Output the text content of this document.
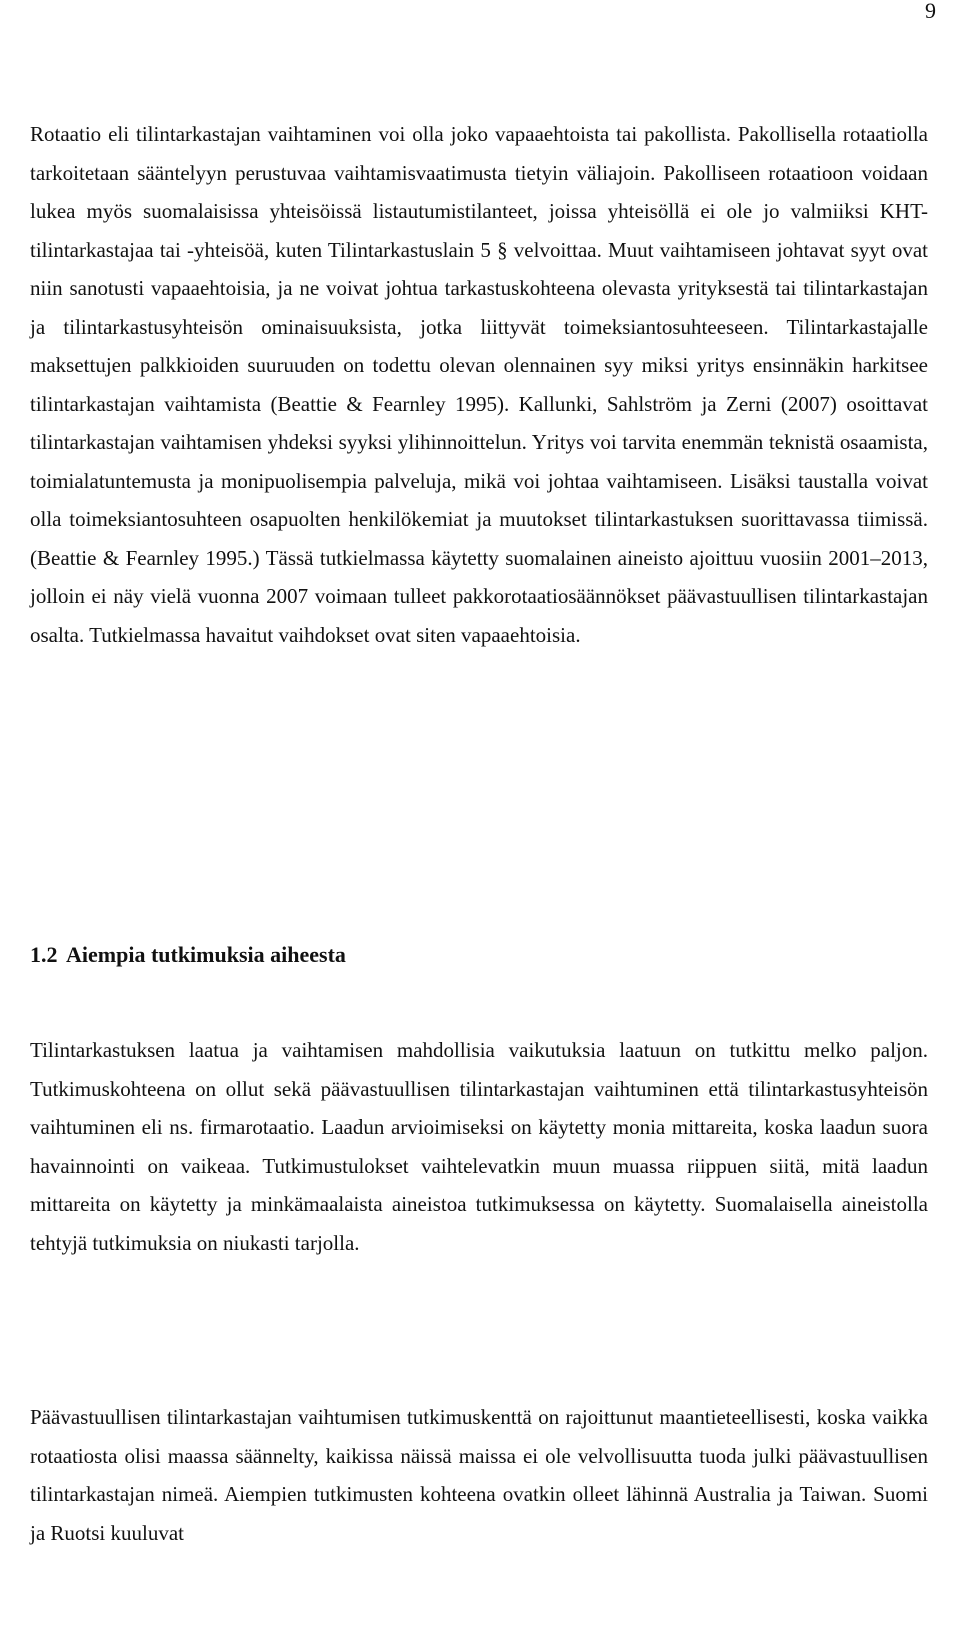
9

Rotaatio eli tilintarkastajan vaihtaminen voi olla joko vapaaehtoista tai pakollista. Pakollisella rotaatiolla tarkoitetaan sääntelyyn perustuvaa vaihtamisvaatimusta tietyin väliajoin. Pakolliseen rotaatioon voidaan lukea myös suomalaisissa yhteisöissä listautumistilanteet, joissa yhteisöllä ei ole jo valmiiksi KHT-tilintarkastajaa tai -yhteisöä, kuten Tilintarkastuslain 5 § velvoittaa. Muut vaihtamiseen johtavat syyt ovat niin sanotusti vapaaehtoisia, ja ne voivat johtua tarkastuskohteena olevasta yrityksestä tai tilintarkastajan ja tilintarkastusyhteisön ominaisuuksista, jotka liittyvät toimeksiantosuhteeseen. Tilintarkastajalle maksettujen palkkioiden suuruuden on todettu olevan olennainen syy miksi yritys ensinnäkin harkitsee tilintarkastajan vaihtamista (Beattie & Fearnley 1995). Kallunki, Sahlström ja Zerni (2007) osoittavat tilintarkastajan vaihtamisen yhdeksi syyksi ylihinnoittelun. Yritys voi tarvita enemmän teknistä osaamista, toimialatuntemusta ja monipuolisempia palveluja, mikä voi johtaa vaihtamiseen. Lisäksi taustalla voivat olla toimeksiantosuhteen osapuolten henkilökemiat ja muutokset tilintarkastuksen suorittavassa tiimissä. (Beattie & Fearnley 1995.) Tässä tutkielmassa käytetty suomalainen aineisto ajoittuu vuosiin 2001–2013, jolloin ei näy vielä vuonna 2007 voimaan tulleet pakkorotaatiosäännökset päävastuullisen tilintarkastajan osalta. Tutkielmassa havaitut vaihdokset ovat siten vapaaehtoisia.

1.2 Aiempia tutkimuksia aiheesta

Tilintarkastuksen laatua ja vaihtamisen mahdollisia vaikutuksia laatuun on tutkittu melko paljon. Tutkimuskohteena on ollut sekä päävastuullisen tilintarkastajan vaihtuminen että tilintarkastusyhteisön vaihtuminen eli ns. firmarotaatio. Laadun arvioimiseksi on käytetty monia mittareita, koska laadun suora havainnointi on vaikeaa. Tutkimustulokset vaihtelevatkin muun muassa riippuen siitä, mitä laadun mittareita on käytetty ja minkämaalaista aineistoa tutkimuksessa on käytetty. Suomalaisella aineistolla tehtyjä tutkimuksia on niukasti tarjolla.

Päävastuullisen tilintarkastajan vaihtumisen tutkimuskenttä on rajoittunut maantieteellisesti, koska vaikka rotaatiosta olisi maassa säännelty, kaikissa näissä maissa ei ole velvollisuutta tuoda julki päävastuullisen tilintarkastajan nimeä. Aiempien tutkimusten kohteena ovatkin olleet lähinnä Australia ja Taiwan. Suomi ja Ruotsi kuuluvat
